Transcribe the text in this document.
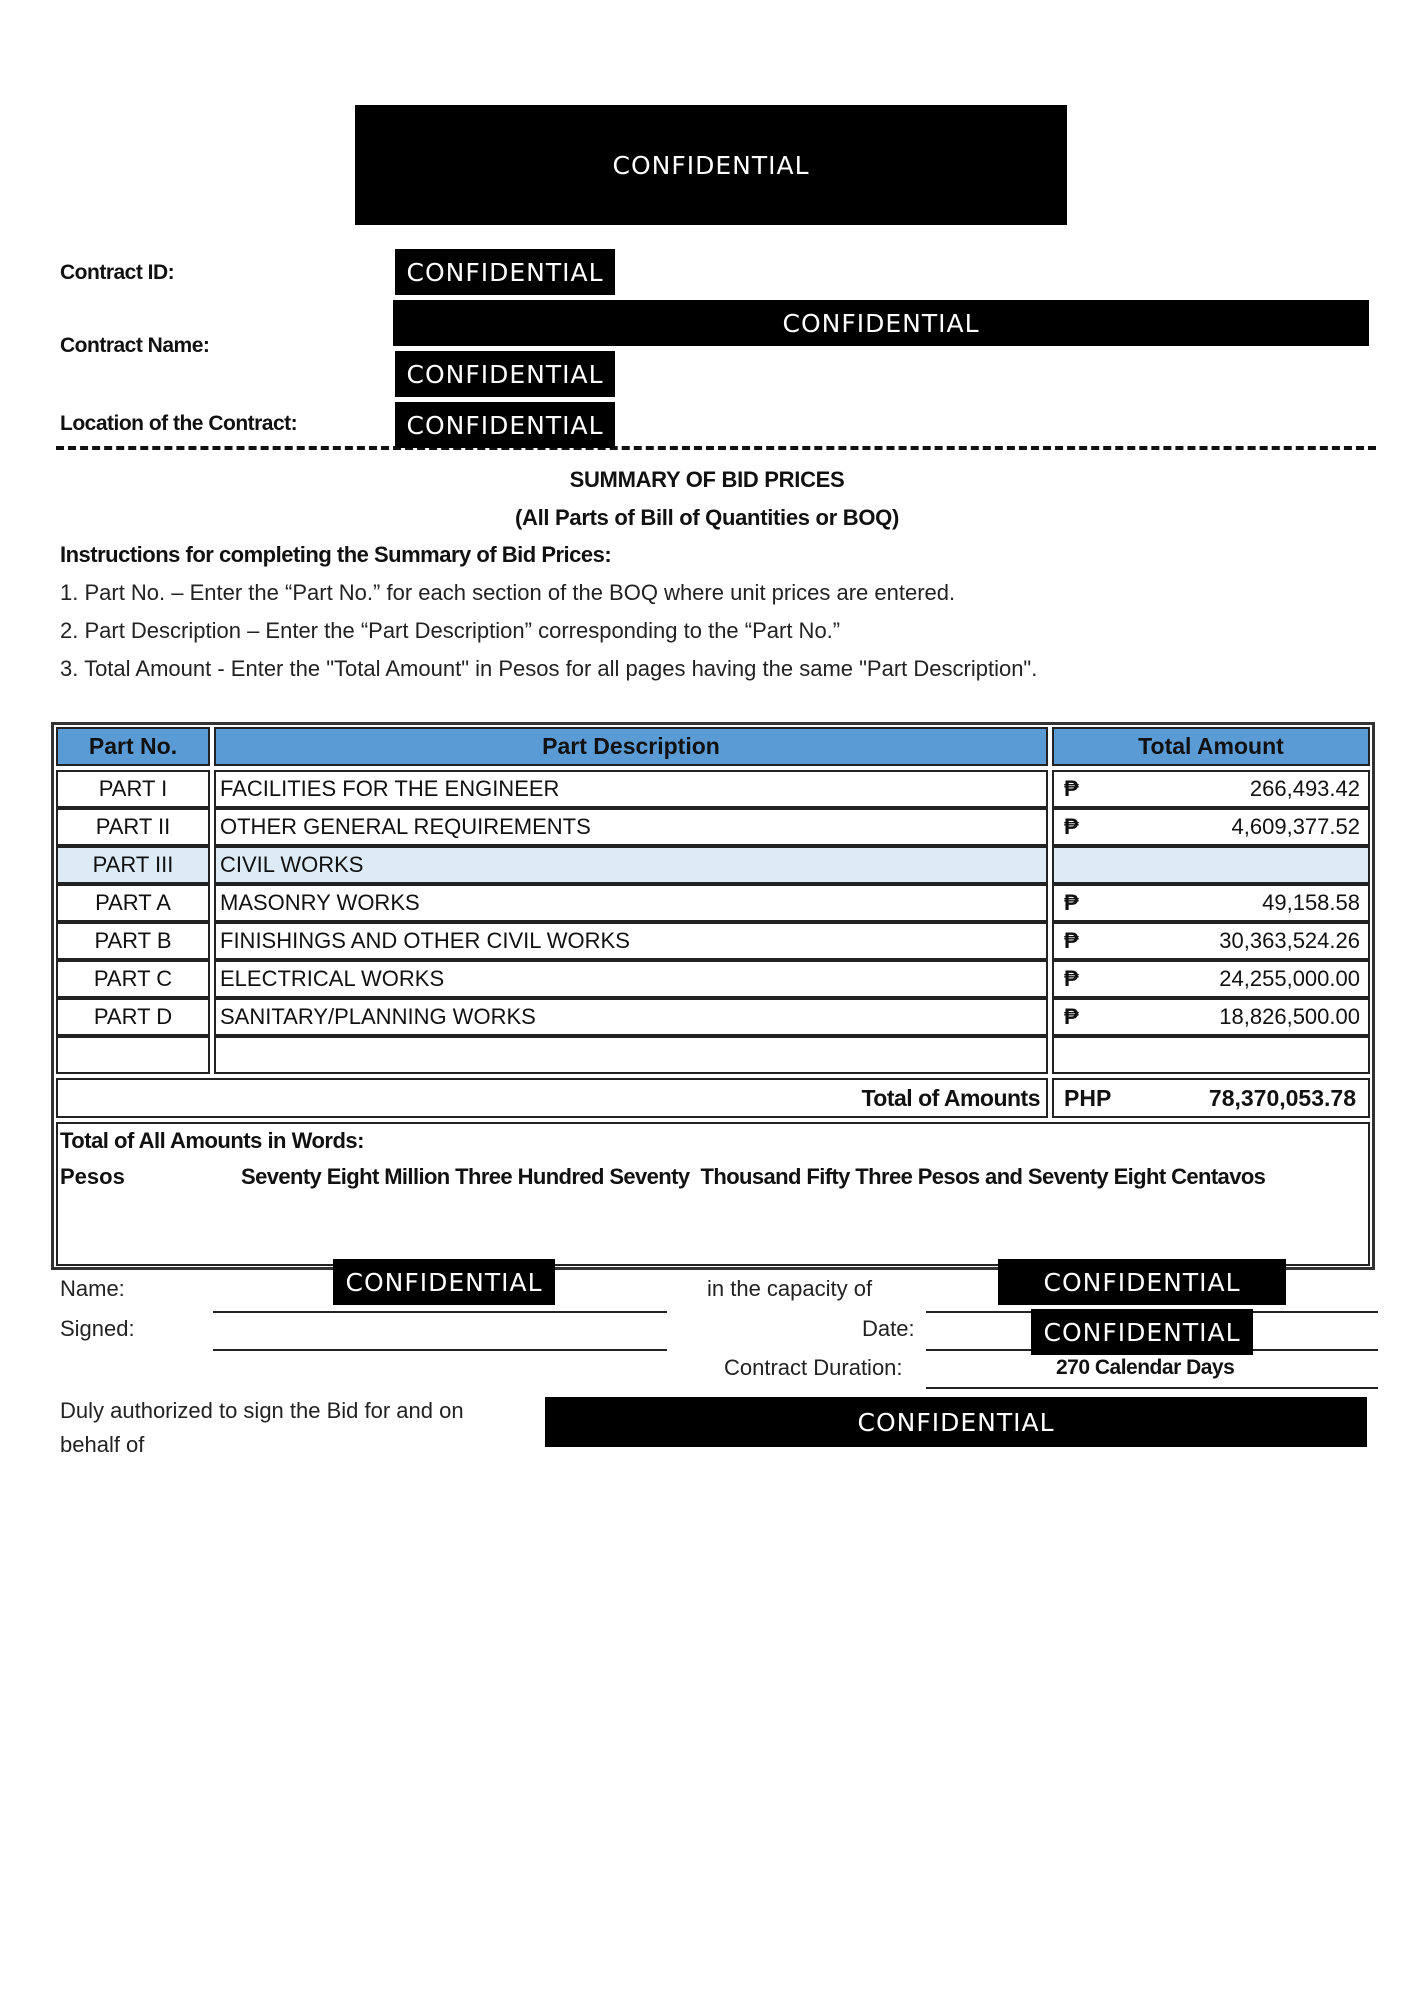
CONFIDENTIAL
Contract ID:	CONFIDENTIAL
Contract Name:
CONFIDENTIAL
CONFIDENTIAL
Location of the Contract:	CONFIDENTIAL
SUMMARY OF BID PRICES
(All Parts of Bill of Quantities or BOQ)
Instructions for completing the Summary of Bid Prices:
1. Part No. – Enter the “Part No.” for each section of the BOQ where unit prices are entered.
2. Part Description – Enter the “Part Description” corresponding to the “Part No.”
3. Total Amount - Enter the "Total Amount" in Pesos for all pages having the same "Part Description".
Part No.	Part Description	Total Amount
PART I	FACILITIES FOR THE ENGINEER	₱	266,493.42
PART II	OTHER GENERAL REQUIREMENTS	₱	4,609,377.52
PART III	CIVIL WORKS
PART A	MASONRY WORKS	₱	49,158.58
PART B	FINISHINGS AND OTHER CIVIL WORKS	₱	30,363,524.26
PART C	ELECTRICAL WORKS	₱	24,255,000.00
PART D	SANITARY/PLANNING WORKS	₱	18,826,500.00
Total of Amounts	PHP	78,370,053.78
Total of All Amounts in Words:
Pesos	Seventy Eight Million Three Hundred Seventy  Thousand Fifty Three Pesos and Seventy Eight Centavos
Name:	CONFIDENTIAL	in the capacity of	CONFIDENTIAL
Signed:	Date:	CONFIDENTIAL
Contract Duration:	270 Calendar Days
Duly authorized to sign the Bid for and on
behalf of
CONFIDENTIAL
